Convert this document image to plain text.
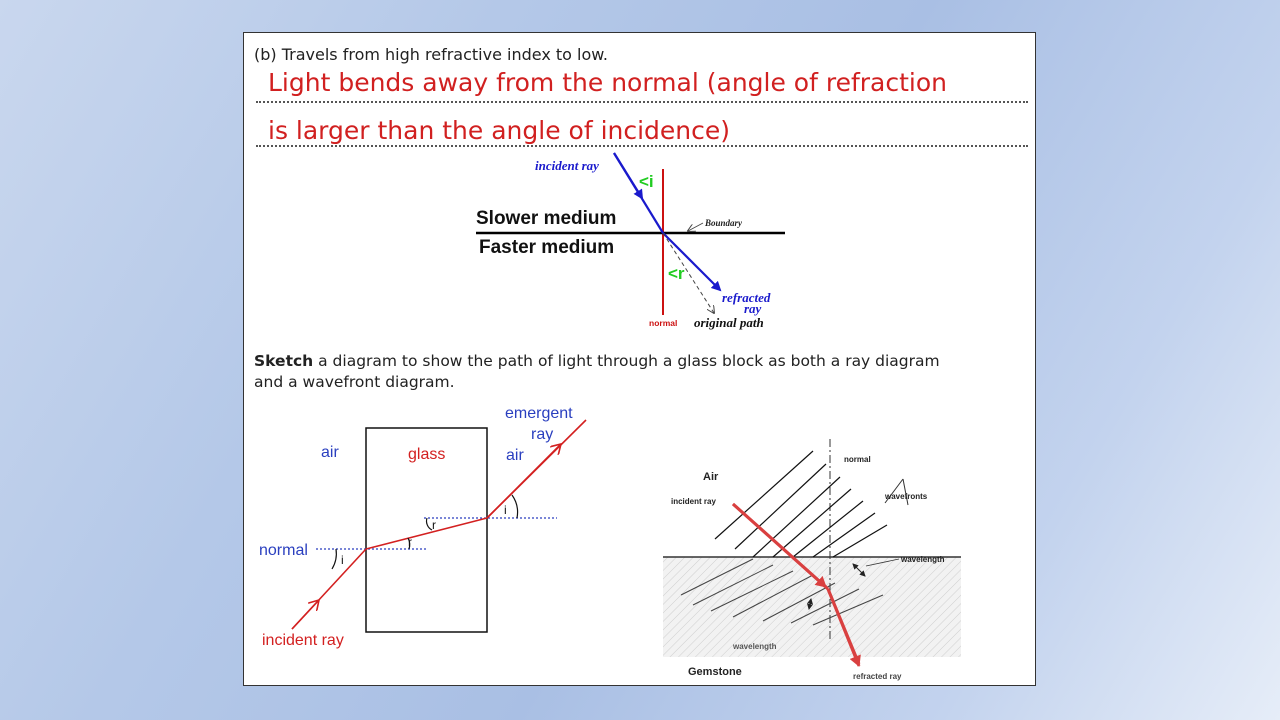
(b) Travels from high refractive index to low.
Light bends away from the normal (angle of refraction
is larger than the angle of incidence)
incident ray
<i
Slower medium
Faster medium
Boundary
<r
refracted
ray
normal original path
air	glass	air
emergent
ray
normal
incident ray
i
r
r
i
Sketch a diagram to show the path of light through a glass block as both a ray diagram
and a wavefront diagram.
Air
normal
incident ray
wavefronts
wavelength
wavelength
Gemstone	refracted ray
